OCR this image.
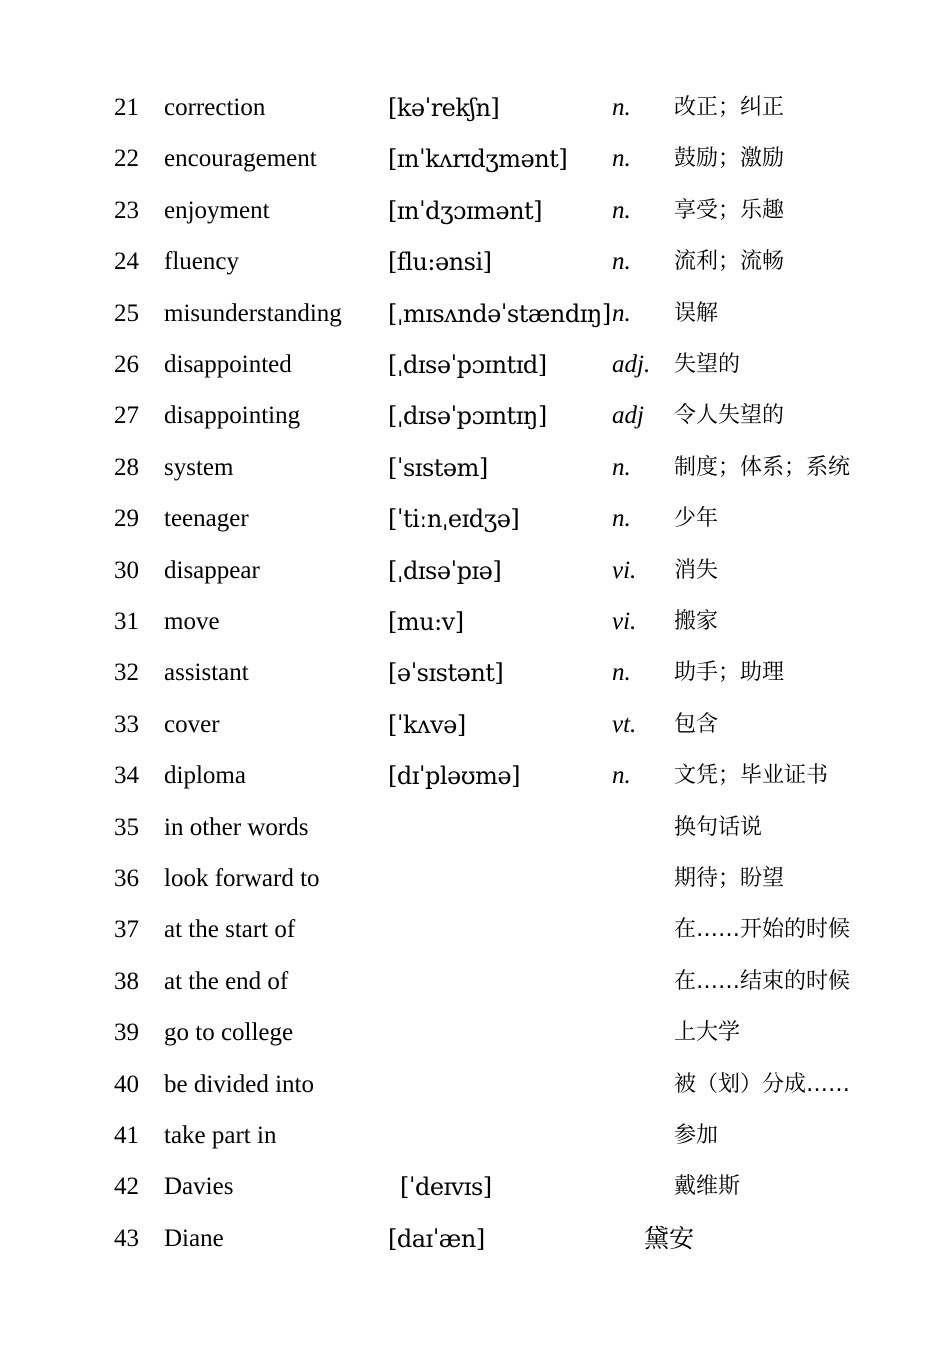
21 correction	[kəˈrekʃn]	n. 改正；纠正
22 encouragement	[ɪnˈkʌrɪdʒmənt] n. 鼓励；激励
23 enjoyment	[ɪnˈdʒɔɪmənt]	n. 享受；乐趣
24 fluency	[flu:ənsi]	n. 流利；流畅
25 misunderstanding [ˌmɪsʌndəˈstændɪŋ] n. 误解
26 disappointed	[ˌdɪsəˈpɔɪntɪd]	adj. 失望的
27 disappointing	[ˌdɪsəˈpɔɪntɪŋ]	adj 令人失望的
28 system	[ˈsɪstəm]	n. 制度；体系；系统
29 teenager	[ˈtiːnˌeɪdʒə]	n. 少年
30 disappear	[ˌdɪsəˈpɪə]	vi. 消失
31 move	[mu:v]	vi. 搬家
32 assistant	[əˈsɪstənt]	n. 助手；助理
33 cover	[ˈkʌvə]	vt. 包含
34 diploma	[dɪˈpləʊmə]	n. 文凭；毕业证书
35 in other words	换句话说
36 look forward to	期待；盼望
37 at the start of	在……开始的时候
38 at the end of	在……结束的时候
39 go to college	上大学
40 be divided into	被（划）分成……
41 take part in	参加
42 Davies	[ˈdeɪvɪs]	戴维斯
43 Diane	[daɪˈæn]	黛安
